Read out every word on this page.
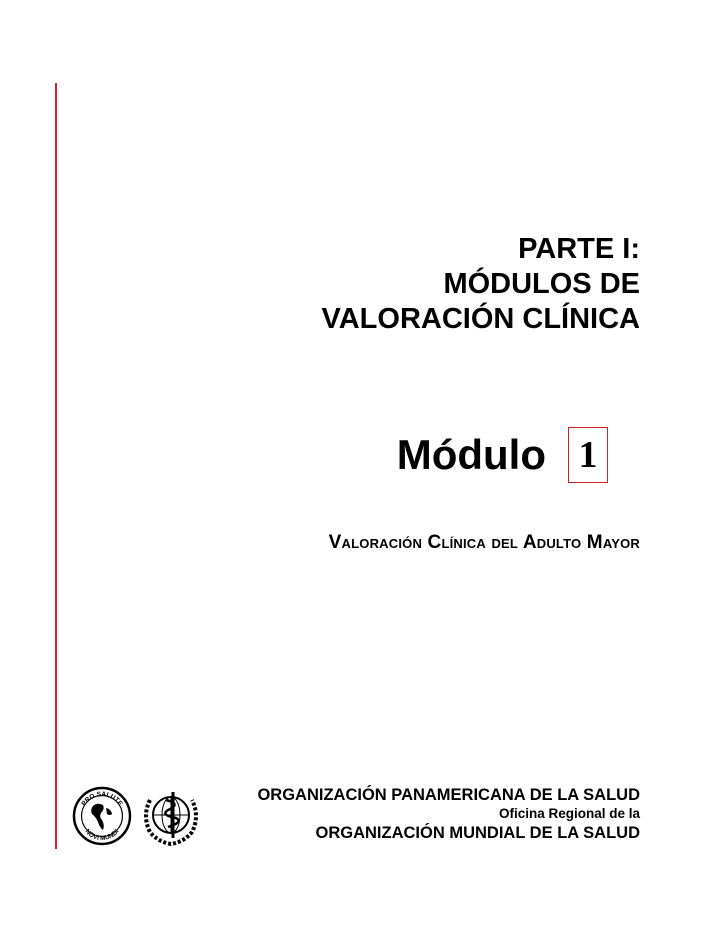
PARTE I:
MÓDULOS DE
VALORACIÓN CLÍNICA
Módulo 1
Valoración Clínica del Adulto Mayor
PRO SALUTE
NOVI MUNDI
ORGANIZACIÓN PANAMERICANA DE LA SALUD
Oficina Regional de la
ORGANIZACIÓN MUNDIAL DE LA SALUD
